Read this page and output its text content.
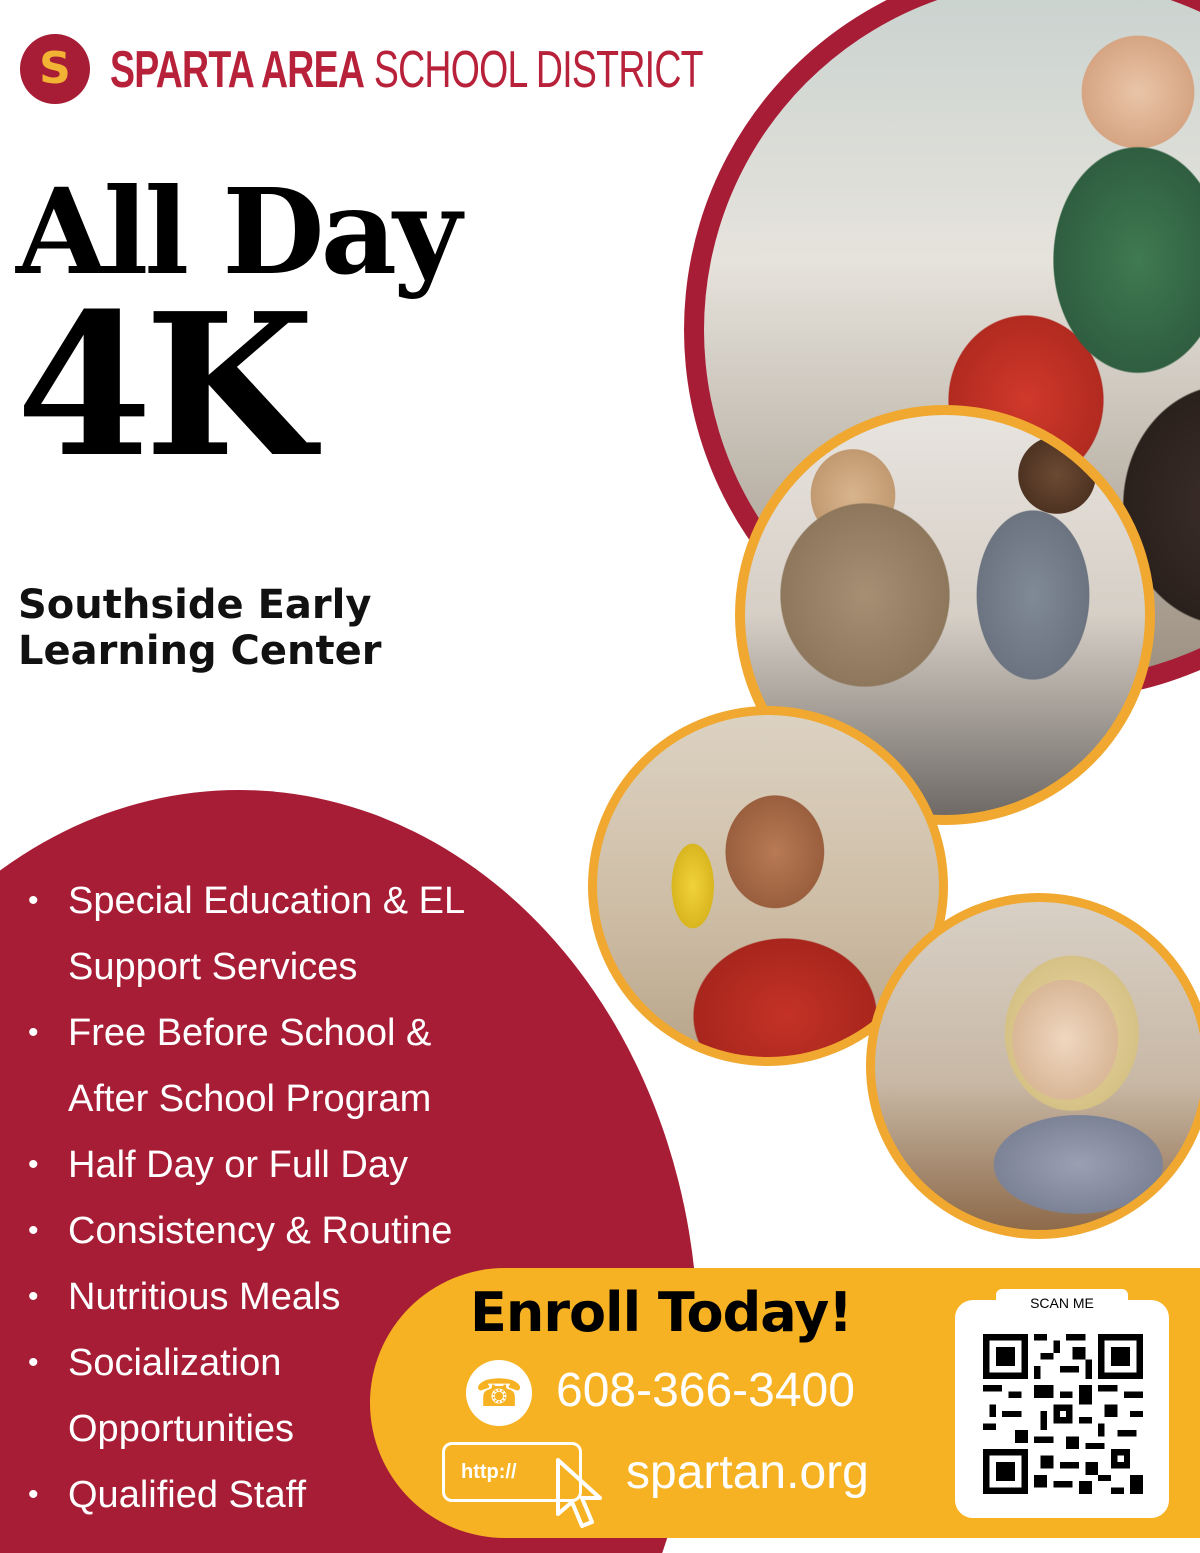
S SPARTA AREA SCHOOL DISTRICT
All Day
4K
Southside Early
Learning Center
• Special Education & EL
Support Services
• Free Before School &
After School Program
• Half Day or Full Day
• Consistency & Routine
• Nutritious Meals
• Socialization
Opportunities
• Qualified Staff
Enroll Today!
☎ 608-366-3400
http:// spartan.org
SCAN ME
